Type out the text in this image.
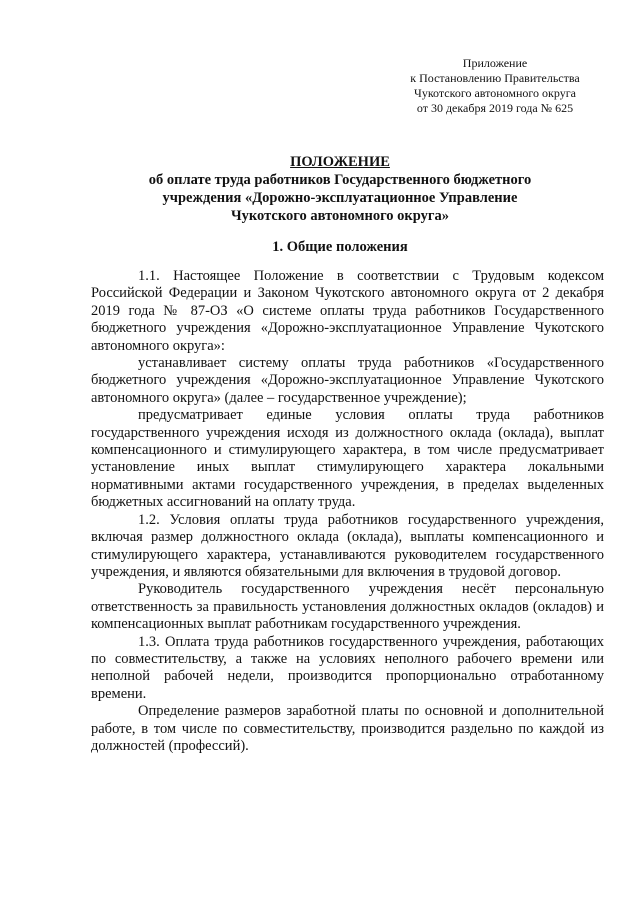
Приложение
к Постановлению Правительства
Чукотского автономного округа
от 30 декабря 2019 года № 625
ПОЛОЖЕНИЕ
об оплате труда работников Государственного бюджетного
учреждения «Дорожно-эксплуатационное Управление
Чукотского автономного округа»
1. Общие положения

1.1. Настоящее Положение в соответствии с Трудовым кодексом Российской Федерации и Законом Чукотского автономного округа от 2 декабря 2019 года № 87-ОЗ «О системе оплаты труда работников Государственного бюджетного учреждения «Дорожно-эксплуатационное Управление Чукотского автономного округа»:

устанавливает систему оплаты труда работников «Государственного бюджетного учреждения «Дорожно-эксплуатационное Управление Чукотского автономного округа» (далее – государственное учреждение);

предусматривает единые условия оплаты труда работников государственного учреждения исходя из должностного оклада (оклада), выплат компенсационного и стимулирующего характера, в том числе предусматривает установление иных выплат стимулирующего характера локальными нормативными актами государственного учреждения, в пределах выделенных бюджетных ассигнований на оплату труда.

1.2. Условия оплаты труда работников государственного учреждения, включая размер должностного оклада (оклада), выплаты компенсационного и стимулирующего характера, устанавливаются руководителем государственного учреждения, и являются обязательными для включения в трудовой договор.

Руководитель государственного учреждения несёт персональную ответственность за правильность установления должностных окладов (окладов) и компенсационных выплат работникам государственного учреждения.

1.3. Оплата труда работников государственного учреждения, работающих по совместительству, а также на условиях неполного рабочего времени или неполной рабочей недели, производится пропорционально отработанному времени.

Определение размеров заработной платы по основной и дополнительной работе, в том числе по совместительству, производится раздельно по каждой из должностей (профессий).
